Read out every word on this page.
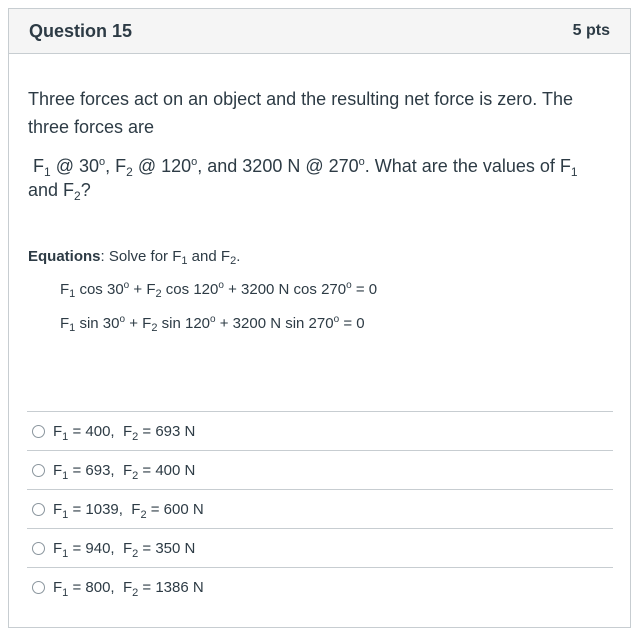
Question 15	5 pts

Three forces act on an object and the resulting net force is zero. The three forces are

$F_1$ @ 30$^o$, $F_2$ @ 120$^o$, and 3200 N @ 270$^o$. What are the values of $F_1$ and $F_2$?

Equations: Solve for $F_1$ and $F_2$.
$F_1$ $\cos 30^o + F_2$ $\cos 120^o + 3200$ N $\cos 270^o = 0$
$F_1$ $\sin 30^o + F_2$ $\sin 120^o + 3200$ N $\sin 270^o = 0$
$F_1 = 400$, $F_2 = 693$ N
$F_1 = 693$, $F_2 = 400$ N
$F_1 = 1039$, $F_2 = 600$ N
$F_1 = 940$, $F_2 = 350$ N
$F_1 = 800$, $F_2 = 1386$ N
